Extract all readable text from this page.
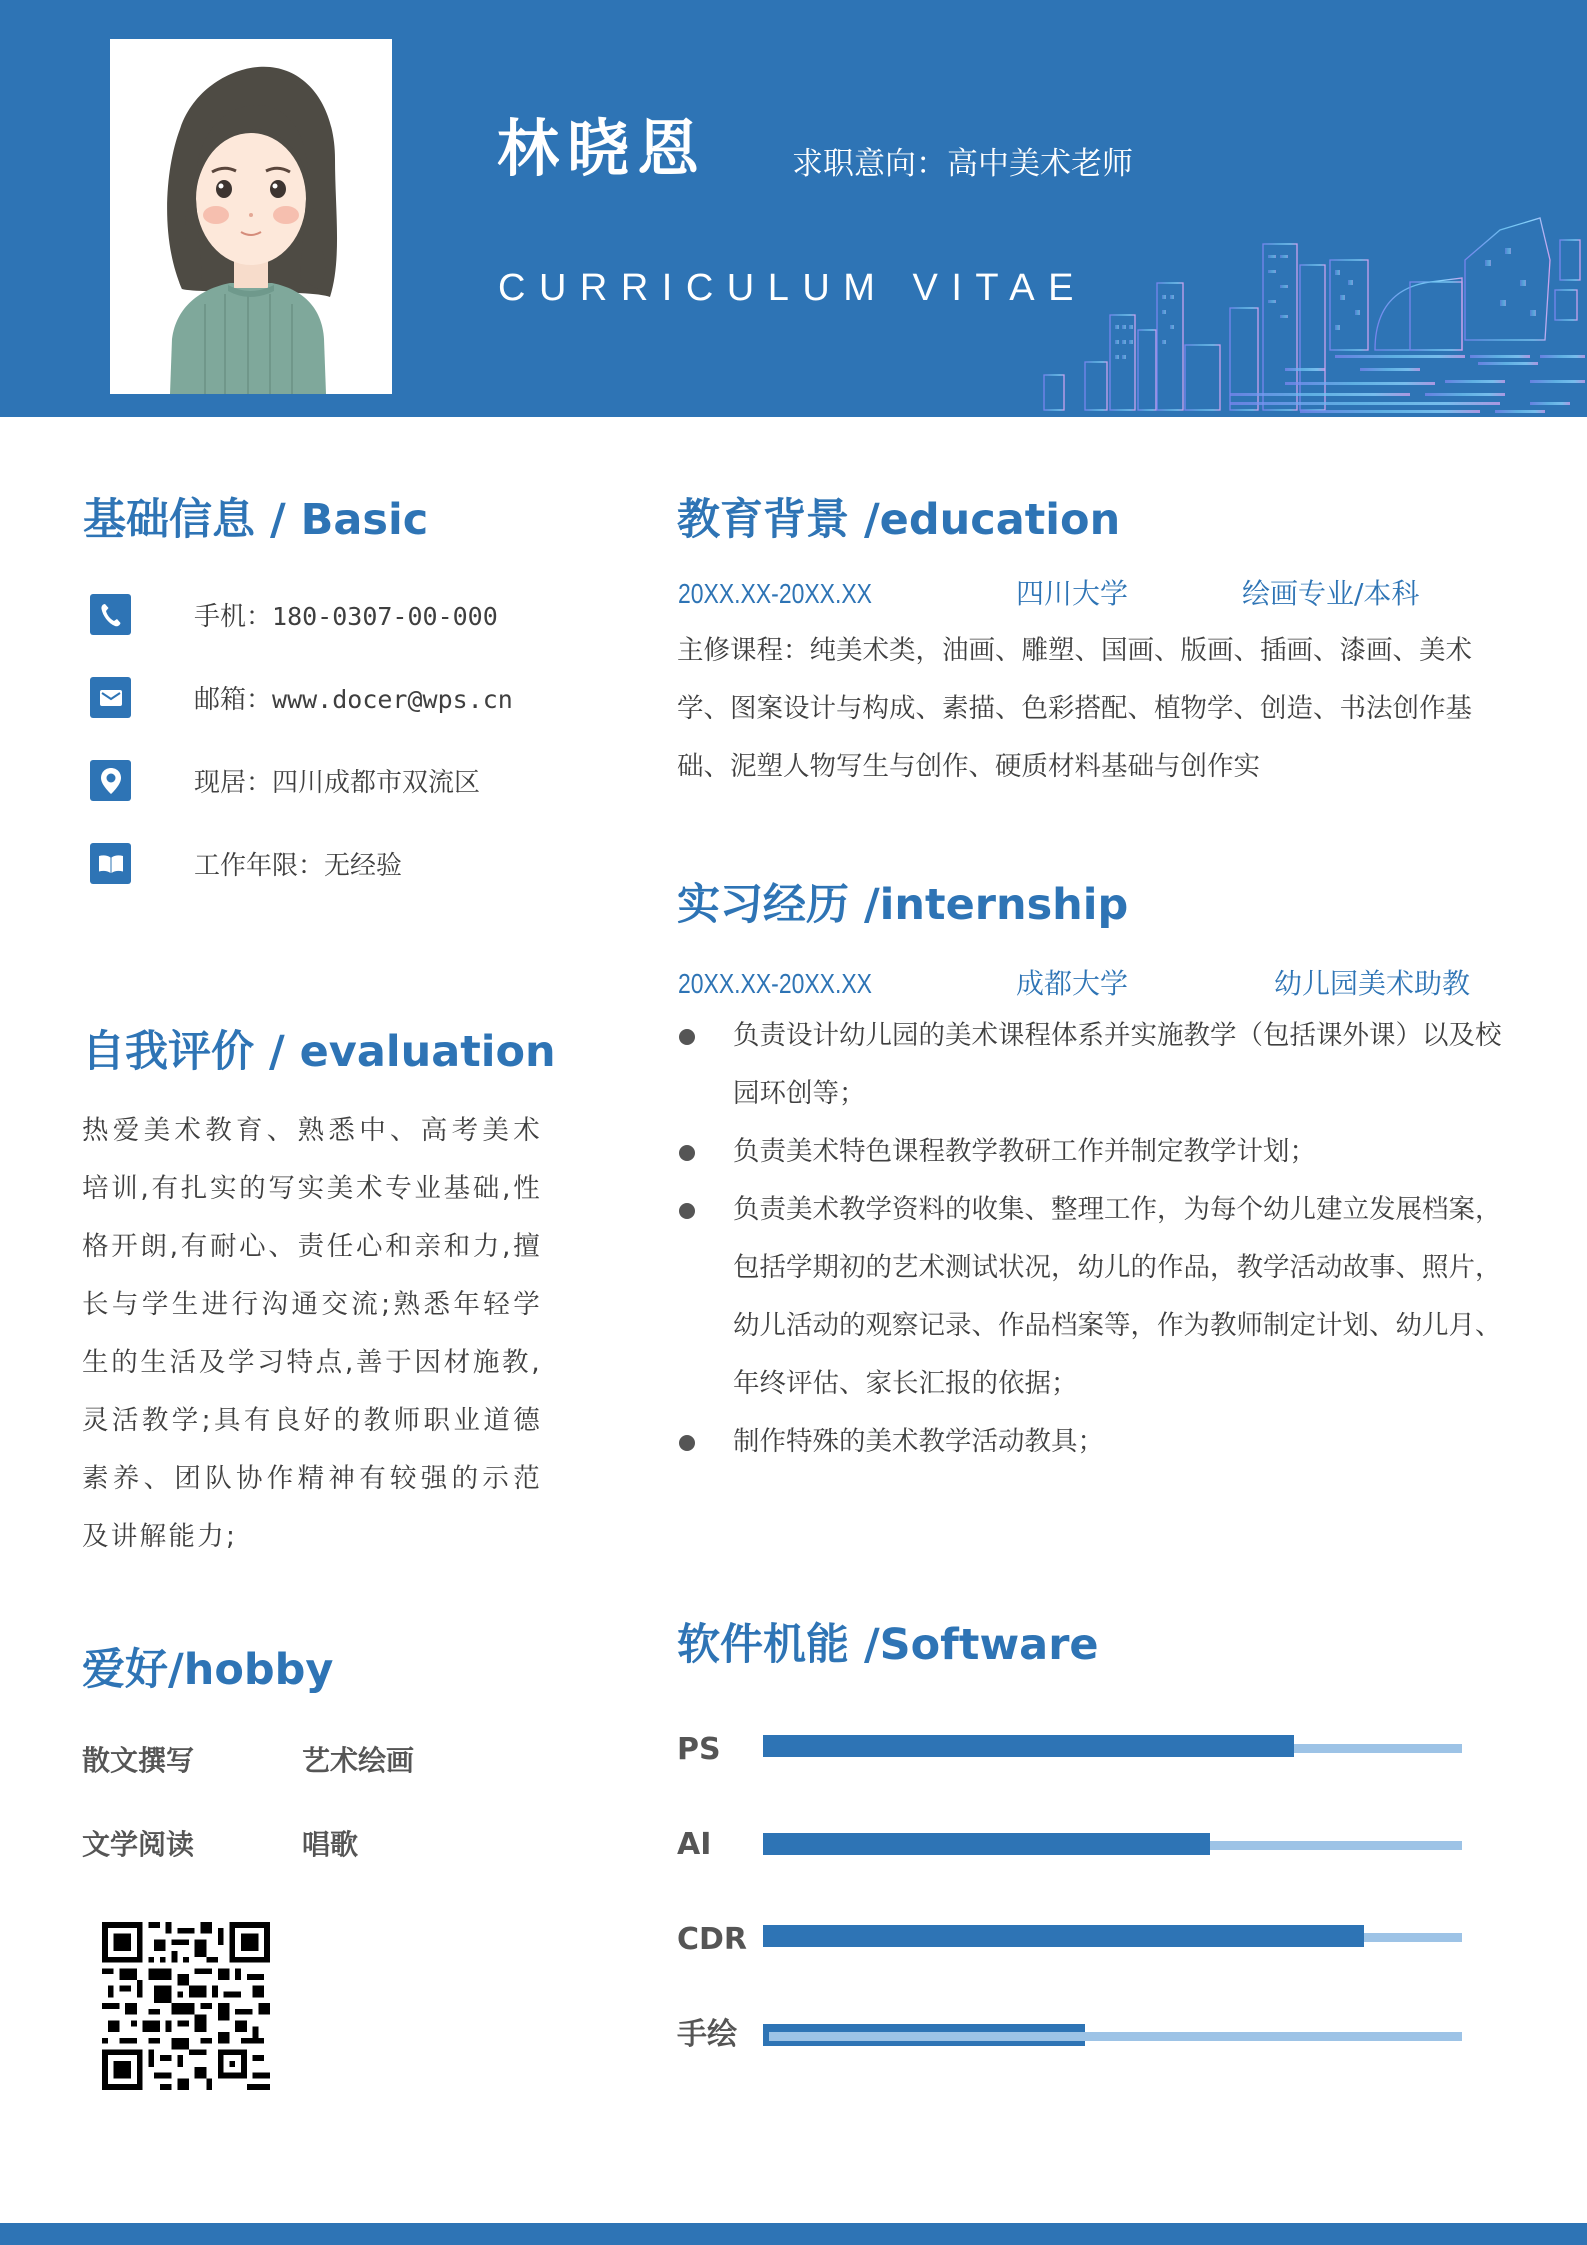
林晓恩	求职意向：高中美术老师
CURRICULUM VITAE
基础信息 / Basic
手机：180-0307-00-000
邮箱：www.docer@wps.cn
现居：四川成都市双流区
工作年限：无经验
自我评价 / evaluation
热爱美术教育、熟悉中、高考美术培训,有扎实的写实美术专业基础,性格开朗,有耐心、责任心和亲和力,擅长与学生进行沟通交流;熟悉年轻学生的生活及学习特点,善于因材施教,灵活教学;具有良好的教师职业道德素养、团队协作精神有较强的示范及讲解能力;
爱好/hobby
散文撰写	艺术绘画
文学阅读	唱歌
教育背景 /education
20XX.XX-20XX.XX	四川大学	绘画专业/本科
主修课程：纯美术类，油画、雕塑、国画、版画、插画、漆画、美术学、图案设计与构成、素描、色彩搭配、植物学、创造、书法创作基础、泥塑人物写生与创作、硬质材料基础与创作实
实习经历 /internship
20XX.XX-20XX.XX	成都大学	幼儿园美术助教
负责设计幼儿园的美术课程体系并实施教学（包括课外课）以及校园环创等；
负责美术特色课程教学教研工作并制定教学计划；
负责美术教学资料的收集、整理工作，为每个幼儿建立发展档案，包括学期初的艺术测试状况，幼儿的作品，教学活动故事、照片，幼儿活动的观察记录、作品档案等，作为教师制定计划、幼儿月、年终评估、家长汇报的依据；
制作特殊的美术教学活动教具；
软件机能 /Software
PS
AI
CDR
手绘
